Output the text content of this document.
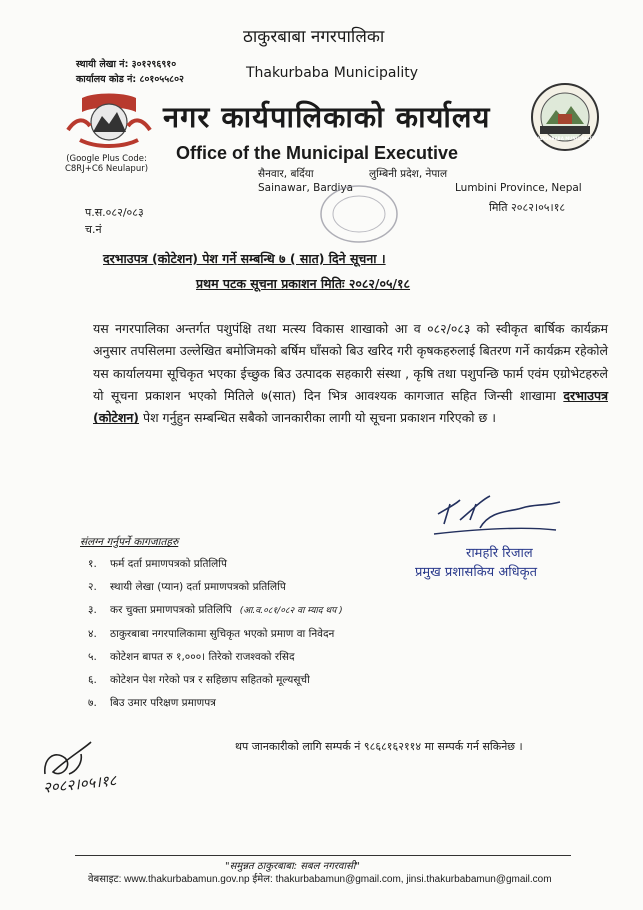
स्थायी लेखा नं: ३०१२९६९१०
कार्यालय कोड नं: ८०१०५५८०२
(Google Plus Code:
C8RJ+C6 Neulapur)
ठाकुरबाबा नगरपालिका
Thakurbaba Municipality
नगर कार्यपालिकाको कार्यालय
Office of the Municipal Executive
सैनवार, बर्दिया	लुम्बिनी प्रदेश, नेपाल
Sainawar, Bardiya	Lumbini Province, Nepal
THAKURBABA MUNICIPALITY
प.स.०८२/०८३
च.नं
मिति २०८२।०५।१८
दरभाउपत्र (कोटेशन) पेश गर्ने सम्बन्धि ७ ( सात) दिने सूचना ।
प्रथम पटक सूचना प्रकाशन मितिः २०८२/०५/१८
यस नगरपालिका अन्तर्गत पशुपंक्षि तथा मत्स्य विकास शाखाको आ व ०८२/०८३ को स्वीकृत बार्षिक कार्यक्रम अनुसार तपसिलमा उल्लेखित बमोजिमको बर्षिम घाँसको बिउ खरिद गरी कृषकहरुलाई बितरण गर्ने कार्यक्रम रहेकोले यस कार्यालयमा सूचिकृत भएका ईच्छुक बिउ उत्पादक सहकारी संस्था , कृषि तथा पशुपन्छि फार्म एवंम एग्रोभेटहरुले यो सूचना प्रकाशन भएको मितिले ७(सात) दिन भित्र आवश्यक कागजात सहित जिन्सी शाखामा दरभाउपत्र (कोटेशन) पेश गर्नुहुन सम्बन्धित सबैको जानकारीका लागी यो सूचना प्रकाशन गरिएको छ ।
रामहरि रिजाल
प्रमुख प्रशासकिय अधिकृत
संलग्न गर्नुपर्ने कागजातहरु
१. फर्म दर्ता प्रमाणपत्रको प्रतिलिपि
२. स्थायी लेखा (प्यान) दर्ता प्रमाणपत्रको प्रतिलिपि
३. कर चुक्ता प्रमाणपत्रको प्रतिलिपि (आ.व.०८१/०८२ वा म्याद थप )
४. ठाकुरबाबा नगरपालिकामा सुचिकृत भएको प्रमाण वा निवेदन
५. कोटेशन बापत रु १,०००। तिरेको राजश्वको रसिद
६. कोटेशन पेश गरेको पत्र र सहिछाप सहितको मूल्यसूची
७. बिउ उमार परिक्षण प्रमाणपत्र
थप जानकारीको लागि सम्पर्क नं ९८६८१६२११४ मा सम्पर्क गर्न सकिनेछ ।
२०८२।०५।१८
"समुन्नत ठाकुरबाबा: सबल नगरवासी"
वेबसाइट: www.thakurbabamun.gov.np ईमेल: thakurbabamun@gmail.com, jinsi.thakurbabamun@gmail.com
